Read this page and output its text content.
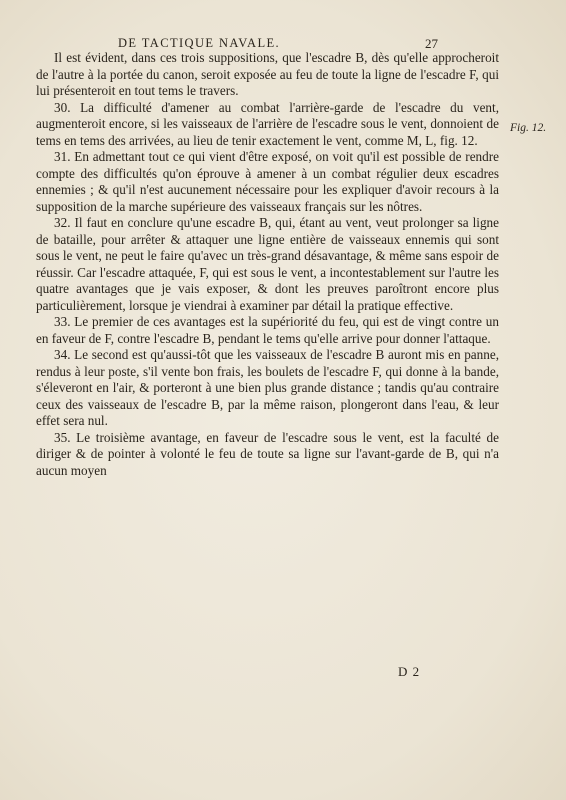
DE TACTIQUE NAVALE.	27

Il est évident, dans ces trois suppositions, que l'escadre B, dès qu'elle approcheroit de l'autre à la portée du canon, seroit exposée au feu de toute la ligne de l'escadre F, qui lui présenteroit en tout tems le travers.

30. La difficulté d'amener au combat l'arrière-garde de l'escadre du vent, augmenteroit encore, si les vaisseaux de l'arrière de l'escadre sous le vent, donnoient de tems en tems des arrivées, au lieu de tenir exactement le vent, comme M, L, fig. 12.

31. En admettant tout ce qui vient d'être exposé, on voit qu'il est possible de rendre compte des difficultés qu'on éprouve à amener à un combat régulier deux escadres ennemies ; & qu'il n'est aucunement nécessaire pour les expliquer d'avoir recours à la supposition de la marche supérieure des vaisseaux français sur les nôtres.

32. Il faut en conclure qu'une escadre B, qui, étant au vent, veut prolonger sa ligne de bataille, pour arrêter & attaquer une ligne entière de vaisseaux ennemis qui sont sous le vent, ne peut le faire qu'avec un très-grand désavantage, & même sans espoir de réussir. Car l'escadre attaquée, F, qui est sous le vent, a incontestablement sur l'autre les quatre avantages que je vais exposer, & dont les preuves paroîtront encore plus particulièrement, lorsque je viendrai à examiner par détail la pratique effective.

33. Le premier de ces avantages est la supériorité du feu, qui est de vingt contre un en faveur de F, contre l'escadre B, pendant le tems qu'elle arrive pour donner l'attaque.

34. Le second est qu'aussi-tôt que les vaisseaux de l'escadre B auront mis en panne, rendus à leur poste, s'il vente bon frais, les boulets de l'escadre F, qui donne à la bande, s'éleveront en l'air, & porteront à une bien plus grande distance ; tandis qu'au contraire ceux des vaisseaux de l'escadre B, par la même raison, plongeront dans l'eau, & leur effet sera nul.

35. Le troisième avantage, en faveur de l'escadre sous le vent, est la faculté de diriger & de pointer à volonté le feu de toute sa ligne sur l'avant-garde de B, qui n'a aucun moyen

Fig. 12.
D 2
